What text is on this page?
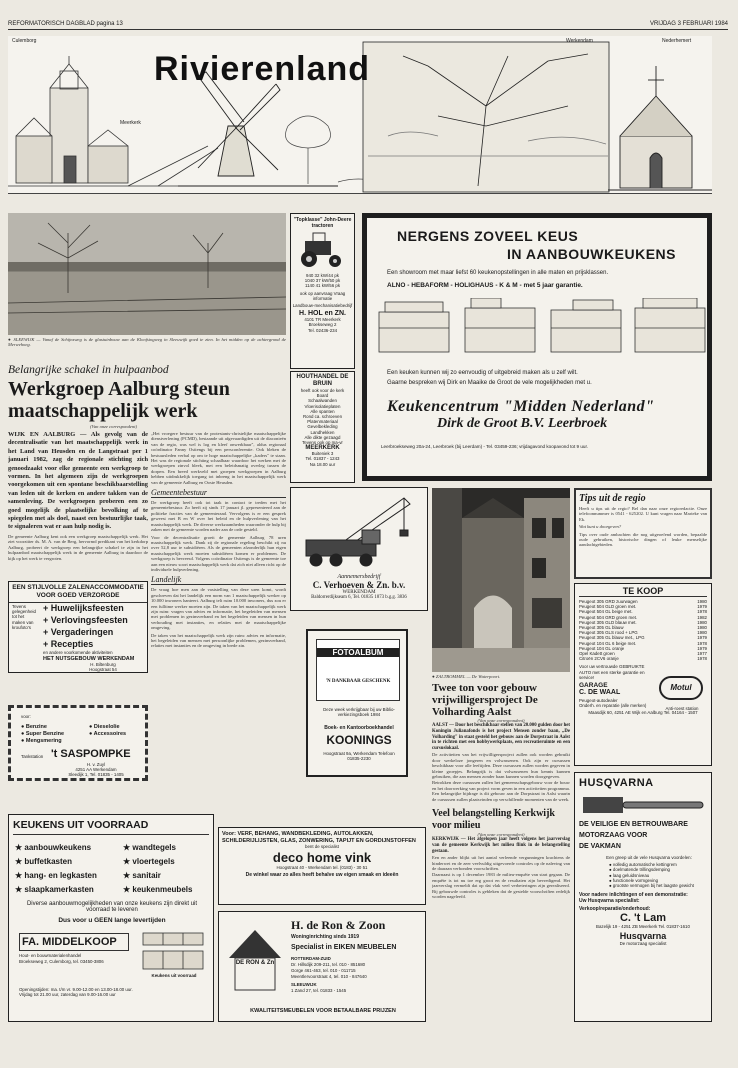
REFORMATORISCH DAGBLAD pagina 13	VRIJDAG 3 FEBRUARI 1984
Rivierenland
Culemborg
Meerkerk
Werkendam	Nederhemert
● SLEEWIJK — Vanaf de Schijnsweg is de glastuinbouw aan de Kloofsingweg in Sleeuwijk goed te zien. In het midden op de achtergrond de Merwehoeg.
"Topklasse" John-Deere tractoren
940 32 kW/44 pk
1040 37 kW/50 pk
1140 41 kW/56 pk
ook op aanvraag Vraag informatie
Landbouw-mechanisatiebedrijf
H. HOL en ZN.
4101 TR Meerkerk
Broekseweg 2
Tel. 02436-234
NERGENS ZOVEEL KEUS
IN AANBOUWKEUKENS
Een showroom met maar liefst 60 keukenopstellingen in alle maten en prijsklassen.
ALNO - HEBAFORM - HOLIGHAUS - K & M - met 5 jaar garantie.
Een keuken kunnen wij zo eenvoudig of uitgebreid maken als u zelf wilt.
Gaarne bespreken wij Dirk en Maaike de Groot de vele mogelijkheden met u.
Keukencentrum "Midden Nederland"
Dirk de Groot B.V. Leerbroek
Leerbroekseweg 20a-24, Leerbroek (bij Leerdam) - Tel. 03459-236; vrijdagavond koopavond tot 9 uur.
Belangrijke schakel in hulpaanbod
Werkgroep Aalburg steun maatschappelijk werk
(Van onze correspondent)
WIJK EN AALBURG — Als gevolg van de decentralisatie van het maatschappelijk werk in het Land van Heusden en de Langstraat per 1 januari 1982, zag de regionale stichting zich genoodzaakt voor elke gemeente een werkgroep te vormen. In het algemeen zijn de werkgroepen voorgekomen uit een spontane beschikbaarstelling van leden uit de kerken en andere takken van de samenleving. De werkgroepen proberen een zo goed mogelijk de plaatselijke bevolking af te spiegelen met als doel, naast een bestuurlijke taak, te signaleren wat er aan hulp nodig is.
De gemeente Aalburg kent ook een werkgroep maatschappelijk werk. Het ziet voorzitter ds. M. A. van de Berg, hervormd predikant van het kerkdorp Aalburg, probeert de werkgroep een belangrijke schakel te zijn in het hulpaanbod maatschappelijk werk in de gemeente Aalburg in daardoor de kijk op het werk te vergroten.
„Het vroegere bestuur van de protestants-christelijke maatschappelijke dienstverlening (PCMD), bestaande uit afgevaardigden uit de diaconieën van de regio, was wel is log en kleef onwerkbaar", aldus regionaal coördinator Fanny Ostiengs bij een persconferentie. Ook bleken de bestuursleden verbal op om te hoge maatschappelijke „kaders" te staan. Het was de regionale stichting schaalbaar waardoor het werken met de werkgroepen zinvol bleek, met een beleidsmatig overleg tussen de dorpen. Een breed werkveld met groepen werkgroepen in Aalburg hebben uitdrukkelijk toegang tot inbreng in het maatschappelijk werk van de gemeente Aalburg en Ooste Heusden.
Gemeentebestuur
De werkgroep heeft ook tot taak in contact te treden met het gemeentebestuur. Zo heeft zij sinds 17 januari jl. gepresenteerd aan de politieke fracties van de gemeenteraad. Vervolgens is er een gesprek geweest met B en W over het beleid en de hulpverlening van het maatschappelijk werk. De diverse werkzaamheden waaronder de hulp bij zaken met de gemeente worden nader aan de orde gesteld.
Voor de decentralisatie groeit de gemeente Aalburg 78 uren maatschappelijk werk. Dank zij de regionale regeling beschikt zij nu over 52,8 uur te subsidiëren. Als de gemeenten afzonderlijk hun eigen maatschappelijk werk moeten subsidiëren komen er problemen. De werkgroep is bevreesd. Volgens coördinator Ostiengs is de gemeente toe aan een nieuw soort maatschappelijk werk dat zich niet alleen richt op de individuele hulpverlening.
Landelijk
De vraag hoe men aan de vaststelling van deze uren komt, wordt geschreven dat het landelijk een norm van 1 maatschappelijk werker op 10.000 inwoners hanteert. Aalburg telt ruim 10.000 inwoners, dus zou er een fulltime werker moeten zijn. De taken van het maatschappelijk werk zijn ruim: vragen van advies en informatie, het begeleiden van mensen met problemen in gezinsverband en het begeleiden van mensen in hun verhouding met instanties, en relaties met de maatschappelijke omgeving.
De taken van het maatschappelijk werk zijn ruim: advies en informatie, het begeleiden van mensen met persoonlijke problemen, gezinsverband, relaties met instanties en de omgeving in brede zin.
HOUTHANDEL DE BRUIN
heeft ook voor de kerk
Board
Schaalwanden
Vloerisolatieplaten
Alle spanten
Rond ca. schroeven
Platenmateriaal
Gevelbekleding
Landhekken
Alle dikte gezaagd
Tevens ook op ma-vr
MEERKERK
Buiteniek 3
Tel. 01837 - 1243
Na 18.00 uur
Aannemersbedrijf
C. Verhoeven & Zn. b.v.
WERKENDAM
Baldorrerdijkseam 6, Tel. 01835 1873 b.g.g. 3836
● ZALTBOMMEL — De Waterpoort.
Tips uit de regio
Heeft u tips uit de regio? Bel dan naar onze regioredactie. Onze telefoonnummer is 0541 - 625202. U kunt vragen naar Marieke van Ek.
Wat kunt u doorgeven?
Tips over oude ambachten die nog uitgeoefend worden, bepaalde oude gebruiken, historische dingen of leuke menselijke aandachtgebieden.
TE KOOP
Peugeot 305 GRD zuurwagen	1980
Peugeot 504 GLD groen met.	1979
Peugeot 504 GL beige met.	1978
Peugeot 504 GRD groen met.	1982
Peugeot 305 GLD blauw met.	1980
Peugeot 305 GL blauw	1980
Peugeot 305 GLS rood + LPG	1980
Peugeot 305 GL blauw met., LPG	1979
Peugeot 104 GL 6 beige met.	1978
Peugeot 104 GL oranje	1979
Opel Kadett groen	1977
Citroën 2CV6 oranje	1978
Voor uw vertrouwde GEBRUIKTE AUTO met een sterke garantie en service!
GARAGE
C. DE WAAL
Peugeot-autodealer
Onderh. en reparatie (alle merken)
Maasdijk 60, 4251 AE Wijk en Aalburg Tel. 04164 - 1507
Motul
Anti-roest station
EEN STIJLVOLLE ZALENACCOMMODATIE VOOR GOED VERZORGDE
Tevens gelegenheid tot het maken van kroufoto's
+ Huwelijksfeesten
+ Verlovingsfeesten
+ Vergaderingen
+ Recepties
en andere voorkomende aktiviteiten
HET NUTSGEBOUW WERKENDAM
H. Biltenburg
Hoogstraat 54
voor:
● Benzine
● Super Benzine
● Mengsmering
● Dieselolie
● Accessoires
Tankstation 't SASPOMPKE
H. v. Zuyl
4251 AA Werkendam
Sleedijk 1, Tel. 01835 - 1405
FOTOALBUM
'N DANKBAAR GESCHENK
Deze week verkrijgbaar bij uw Biblio-verkiezingsboek 1984
Boek- en Kantoorboekhandel
KOONINGS
Hoogstraat 9a, Werkendam Telefoon 01835-2230
Twee ton voor gebouw vrijwilligersproject De Volharding Aalst
(Van onze correspondent)
AALST — Door het beschikbaar stellen van 20.000 gulden door het Koningin Julianafonds is het project Mensen zonder baan, „De Volharding" in staat gesteld het gebouw aan de Dorpstraat in Aalst in te richten met een hobbywerkplaats, een recreatieruimte en een cursuslokaal.
De activiteiten van het vrijwilligersproject zullen ook worden gebruikt door werkeloze jongeren en volwassenen. Ook zijn er cursussen beschikbaar voor alle leeftijden. Deze cursussen zullen worden gegeven in kleine groepjes. Belangrijk is dat volwassenen hun kennis kunnen gebruiken, die aan mensen zonder baan kunnen worden doorgegeven.
Betrokken deze cursussen zullen het gemeenschapsgebouw voor de bouw en het doorwerking van project vorm geven in een activiteiten programma. Een belangrijke bijdrage is dit gebouw aan de Dorpstraat in Aalst waarin de cursussen zullen plaatsvinden op verschillende momenten van de week.
Veel belangstelling Kerkwijk voor milieu
(Van onze correspondent)
KERKWIJK — Het afgelopen jaar heeft volgens het jaarverslag van de gemeente Kerkwijk het milieu flink in de belangstelling gestaan.
Een en ander blijkt uit het aantal verleende vergunningen krachtens de hinderwet en de zeer veelvuldig uitgevoerde controles op de naleving van de daaraan verbonden voorschriften.
Daarnaast is op 1 december 1983 de milieu-enquête van start gegaan. De enquête is tot nu toe erg groot en de resultaten zijn bevredigend. Het jaarverslag vermeldt dat op dat vlak veel verbeteringen zijn gerealiseerd. Bij gebouwde controles is gebleken dat de gestelde voorschriften redelijk worden nageleefd.
KEUKENS UIT VOORRAAD
★ aanbouwkeukens
★ buffetkasten
★ hang- en legkasten
★ slaapkamerkasten
★ wandtegels
★ vloertegels
★ sanitair
★ keukenmeubels
Diverse aanbouwmogelijkheden van onze keukens zijn direkt uit voorraad te leveren
Dus voor u GEEN lange levertijden
FA. MIDDELKOOP
Hout- en bouwmaterialenhandel
Broekseweg 2, Culemborg, tel. 03450-3806
Keukens uit voorraad
Openingstijden: ma. t/m vr. 9.00-12.00 en 13.00-18.00 uur. Vrijdag tot 21.00 uur, zaterdag van 9.00-16.00 uur
Voor: VERF, BEHANG, WANDBEKLEDING, AUTOLAKKEN, SCHILDERIJLIJSTEN, GLAS, ZONWERING, TAPIJT EN GORDIJNSTOFFEN
bent de specialist
deco home vink
Hoogstraat 40 - Werkendam tel. (0183) - 30 51
De winkel waar zo alles heeft behalve uw eigen smaak en ideeën
DE RON & Zn
H. de Ron & Zoon
Woninginrichting sinds 1919
Specialist in EIKEN MEUBELEN
ROTTERDAM-ZUID
Dr. Hillsdijk 209-211, tel. 010 - 851680
Gorge 461-463, tel. 010 - 011715
Meentlervoorstraat 4, tel. 010 - 847640
SLEEUWIJK
1 Zand 27, tel. 01833 - 1545
KWALITEITSMEUBELEN VOOR BETAALBARE PRIJZEN
HUSQVARNA
DE VEILIGE EN BETROUWBARE
MOTORZAAG VOOR
DE VAKMAN
Een greep uit de vele Husqvarna voordelen:
● volledig automatische kettingrem
● doelmatende trillingsdemping
● laag geluidsniveau
● functionele vormgeving
● grootste vermogen bij het laagste gewicht
Voor nadere inlichtingen of een demonstratie:
Uw Husqvarna specialist:
Verkoop/reparatie/onderhoud:
C. 't Lam
Bazelijk 19 - 4251 ZB Meerkerk Tel. 01837-1610
Husqvarna
De motorzaag specialist
